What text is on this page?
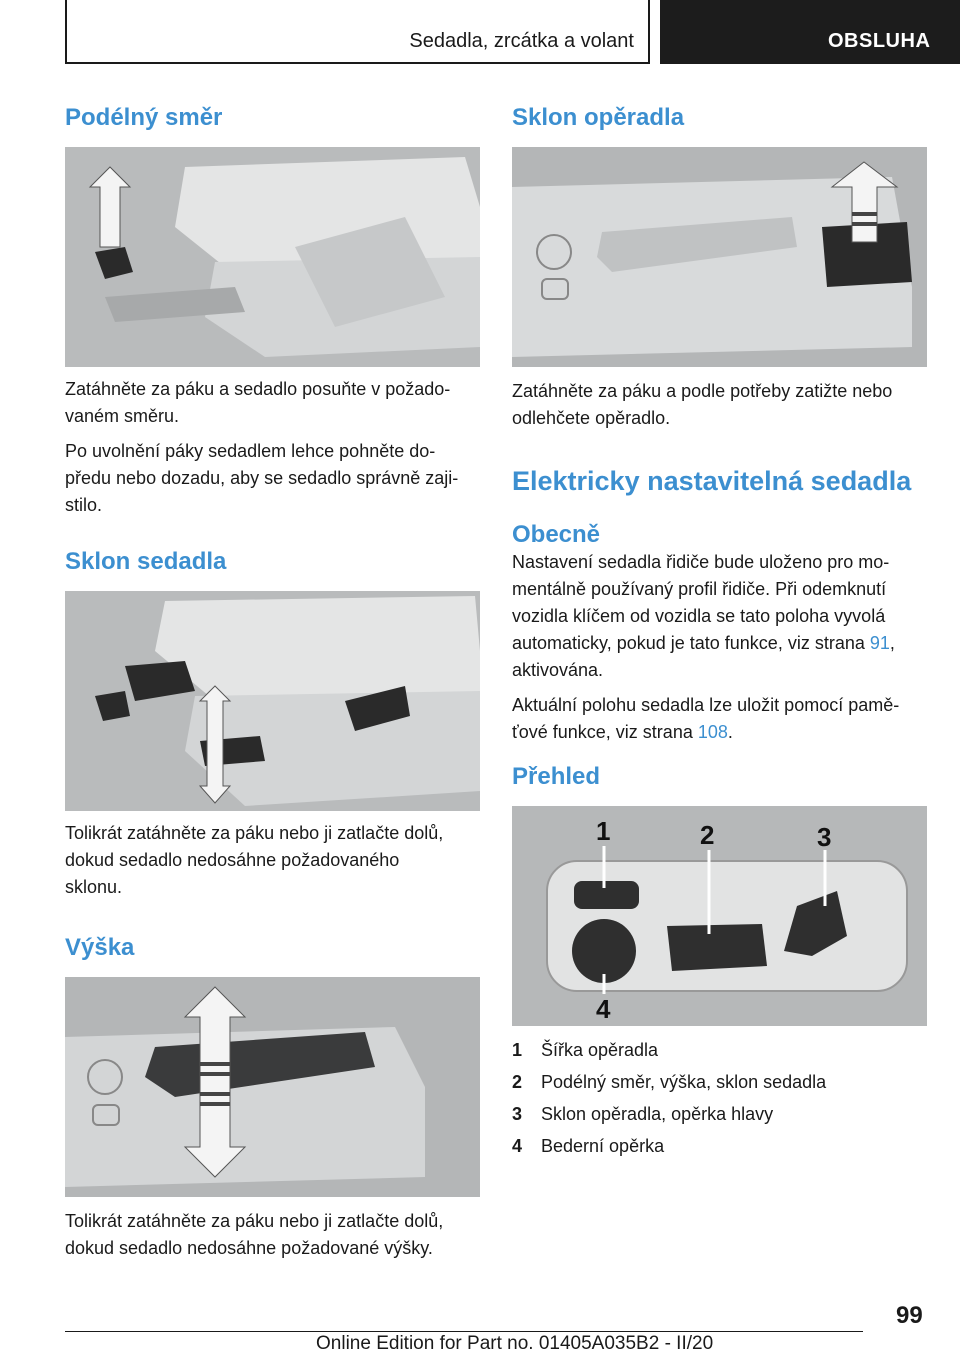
Sedadla, zrcátka a volant	OBSLUHA

Podélný směr

Zatáhněte za páku a sedadlo posuňte v požado-

vaném směru.

Po uvolnění páky sedadlem lehce pohněte do-

předu nebo dozadu, aby se sedadlo správně zaji-

stilo.

Sklon sedadla

Tolikrát zatáhněte za páku nebo ji zatlačte dolů,

dokud sedadlo nedosáhne požadovaného

sklonu.

Výška

Tolikrát zatáhněte za páku nebo ji zatlačte dolů,

dokud sedadlo nedosáhne požadované výšky.

Sklon opěradla

Zatáhněte za páku a podle potřeby zatižte nebo

odlehčete opěradlo.

Elektricky nastavitelná sedadla

Obecně

Nastavení sedadla řidiče bude uloženo pro mo-

mentálně používaný profil řidiče. Při odemknutí

vozidla klíčem od vozidla se tato poloha vyvolá

automaticky, pokud je tato funkce, viz strana 91,

aktivována.

Aktuální polohu sedadla lze uložit pomocí pamě-

ťové funkce, viz strana 108.

Přehled

1	2	3
4
1 Šířka opěradla
2 Podélný směr, výška, sklon sedadla
3 Sklon opěradla, opěrka hlavy
4 Bederní opěrka
99
Online Edition for Part no. 01405A035B2 - II/20
